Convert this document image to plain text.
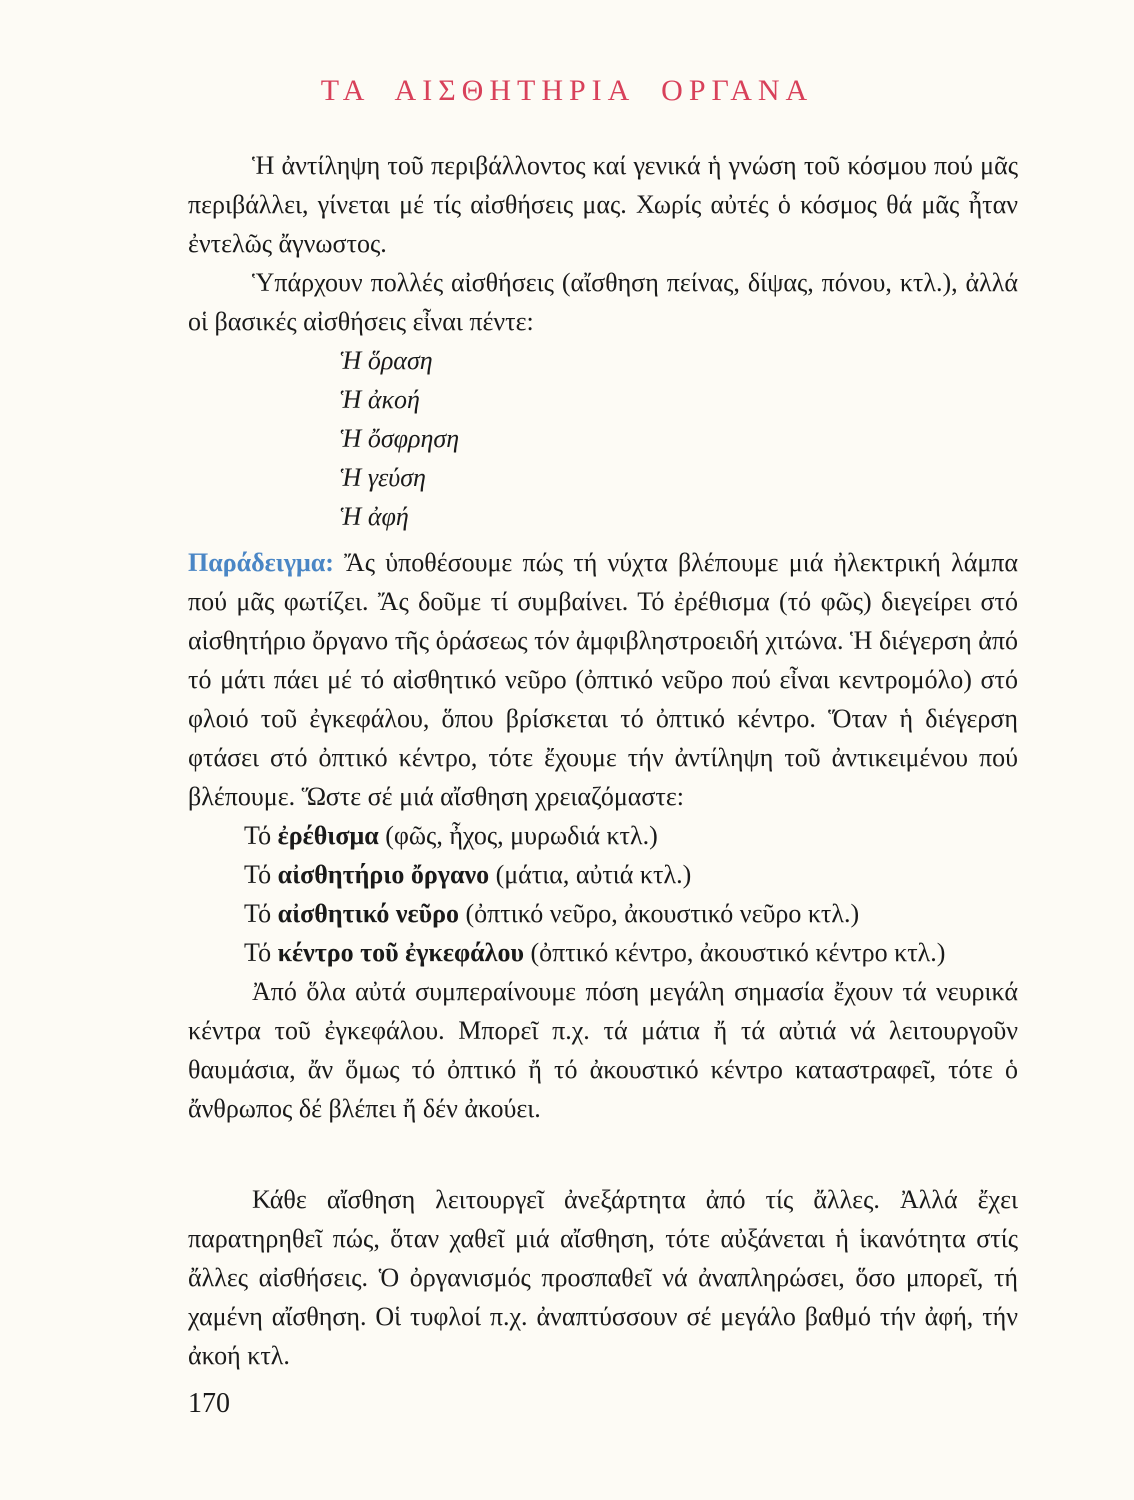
ΤΑ ΑΙΣΘΗΤΗΡΙΑ ΟΡΓΑΝΑ

Ἡ ἀντίληψη τοῦ περιβάλλοντος καί γενικά ἡ γνώση τοῦ κόσμου πού μᾶς περιβάλλει, γίνεται μέ τίς αἰσθήσεις μας. Χωρίς αὐτές ὁ κόσμος θά μᾶς ἦταν ἐντελῶς ἄγνωστος.

Ὑπάρχουν πολλές αἰσθήσεις (αἴσθηση πείνας, δίψας, πόνου, κτλ.), ἀλλά οἱ βασικές αἰσθήσεις εἶναι πέντε:

Ἡ ὅραση
Ἡ ἀκοή
Ἡ ὄσφρηση
Ἡ γεύση
Ἡ ἀφή

Παράδειγμα: Ἄς ὑποθέσουμε πώς τή νύχτα βλέπουμε μιά ἠλεκτρική λάμπα πού μᾶς φωτίζει. Ἄς δοῦμε τί συμβαίνει. Τό ἐρέθισμα (τό φῶς) διεγείρει στό αἰσθητήριο ὄργανο τῆς ὁράσεως τόν ἀμφιβληστροειδή χιτώνα. Ἡ διέγερση ἀπό τό μάτι πάει μέ τό αἰσθητικό νεῦρο (ὀπτικό νεῦρο πού εἶναι κεντρομόλο) στό φλοιό τοῦ ἐγκεφάλου, ὅπου βρίσκεται τό ὀπτικό κέντρο. Ὅταν ἡ διέγερση φτάσει στό ὀπτικό κέντρο, τότε ἔχουμε τήν ἀντίληψη τοῦ ἀντικειμένου πού βλέπουμε. Ὥστε σέ μιά αἴσθηση χρειαζόμαστε:

Τό ἐρέθισμα (φῶς, ἦχος, μυρωδιά κτλ.)

Τό αἰσθητήριο ὄργανο (μάτια, αὐτιά κτλ.)

Τό αἰσθητικό νεῦρο (ὀπτικό νεῦρο, ἀκουστικό νεῦρο κτλ.)

Τό κέντρο τοῦ ἐγκεφάλου (ὀπτικό κέντρο, ἀκουστικό κέντρο κτλ.)

Ἀπό ὅλα αὐτά συμπεραίνουμε πόση μεγάλη σημασία ἔχουν τά νευρικά κέντρα τοῦ ἐγκεφάλου. Μπορεῖ π.χ. τά μάτια ἤ τά αὐτιά νά λειτουργοῦν θαυμάσια, ἄν ὅμως τό ὀπτικό ἤ τό ἀκουστικό κέντρο καταστραφεῖ, τότε ὁ ἄνθρωπος δέ βλέπει ἤ δέν ἀκούει.

Κάθε αἴσθηση λειτουργεῖ ἀνεξάρτητα ἀπό τίς ἄλλες. Ἀλλά ἔχει παρατηρηθεῖ πώς, ὅταν χαθεῖ μιά αἴσθηση, τότε αὐξάνεται ἡ ἱκανότητα στίς ἄλλες αἰσθήσεις. Ὁ ὀργανισμός προσπαθεῖ νά ἀναπληρώσει, ὅσο μπορεῖ, τή χαμένη αἴσθηση. Οἱ τυφλοί π.χ. ἀναπτύσσουν σέ μεγάλο βαθμό τήν ἀφή, τήν ἀκοή κτλ.

170
